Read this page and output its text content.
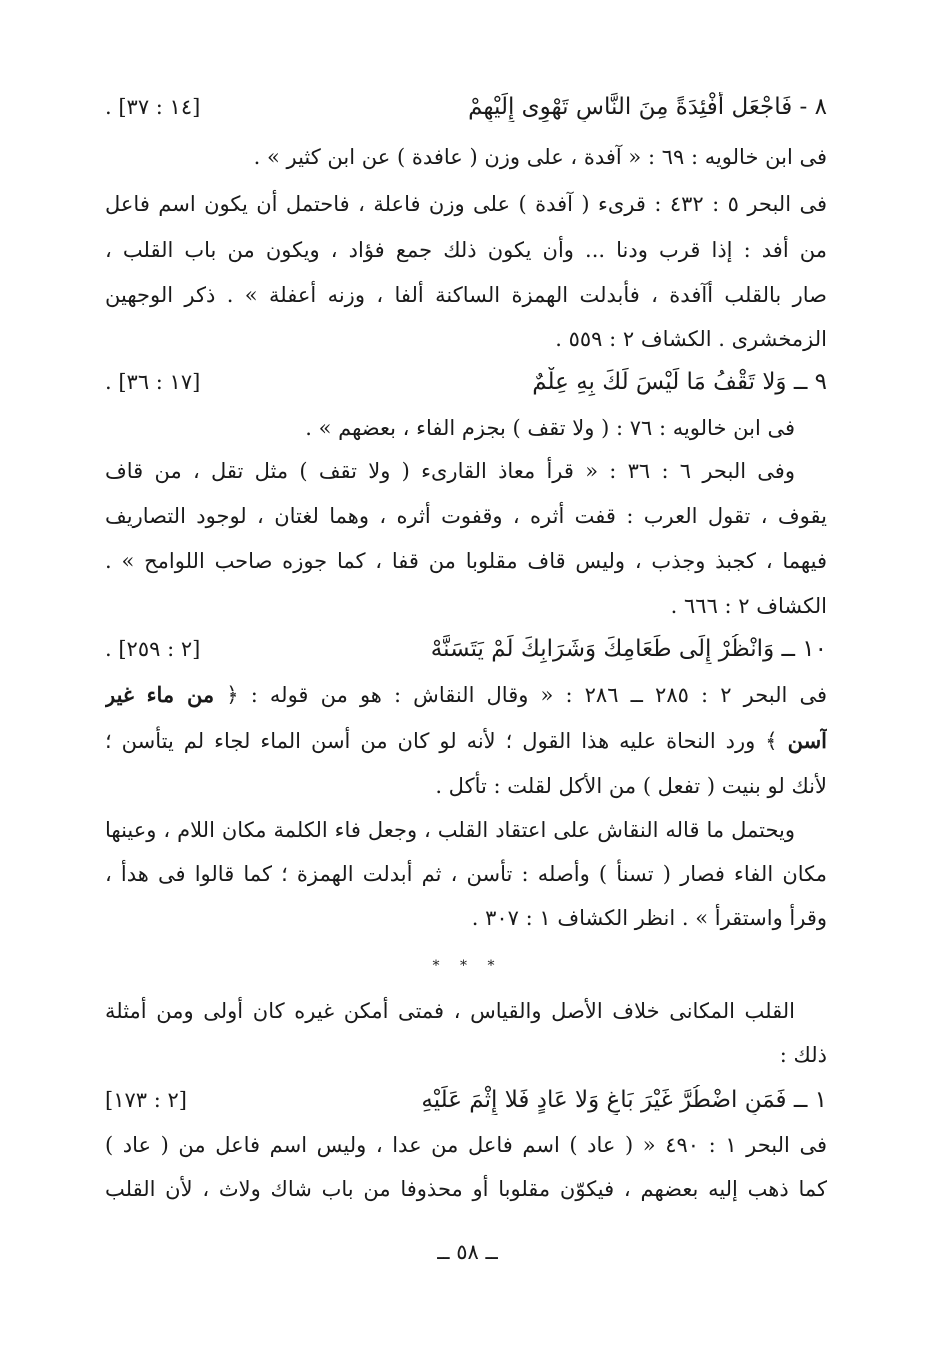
٨ - فَاجْعَل أَفْئِدَةً مِنَ النَّاسِ تَهْوِى إِلَيْهِمْ
[١٤ : ٣٧] .
فى ابن خالويه : ٦٩ : « آفدة ، على وزن ( عافدة ) عن ابن كثير » .
فى البحر ٥ : ٤٣٢ : قرىء ( آفدة ) على وزن فاعلة ، فاحتمل أن يكون اسم فاعل
من أفد : إذا قرب ودنا ... وأن يكون ذلك جمع فؤاد ، ويكون من باب القلب ،
صار بالقلب أآفدة ، فأبدلت الهمزة الساكنة ألفا ، وزنه أعفلة » . ذكر الوجهين
الزمخشرى . الكشاف ٢ : ٥٥٩ .
٩ ــ وَلا تَقْفُ مَا لَيْسَ لَكَ بِهِ عِلْمٌ
[١٧ : ٣٦] .
فى ابن خالويه : ٧٦ : ( ولا تقف ) بجزم الفاء ، بعضهم » .
وفى البحر ٦ : ٣٦ : « قرأ معاذ القارىء ( ولا تقف ) مثل تقل ، من قاف
يقوف ، تقول العرب : قفت أثره ، وقفوت أثره ، وهما لغتان ، لوجود التصاريف
فيهما ، كجبذ وجذب ، وليس قاف مقلوبا من قفا ، كما جوزه صاحب اللوامح » .
الكشاف ٢ : ٦٦٦ .
١٠ ــ وَانْظُرْ إِلَى طَعَامِكَ وَشَرَابِكَ لَمْ يَتَسَنَّهْ
[٢ : ٢٥٩] .
فى البحر ٢ : ٢٨٥ ــ ٢٨٦ : « وقال النقاش : هو من قوله : ﴿ من ماء غير
آسن ﴾ ورد النحاة عليه هذا القول ؛ لأنه لو كان من أسن الماء لجاء لم يتأسن ؛
لأنك لو بنيت ( تفعل ) من الأكل لقلت : تأكل .
ويحتمل ما قاله النقاش على اعتقاد القلب ، وجعل فاء الكلمة مكان اللام ، وعينها
مكان الفاء فصار ( تسنأ ) وأصله : تأسن ، ثم أبدلت الهمزة ؛ كما قالوا فى هدأ ،
وقرأ واستقرأ » . انظر الكشاف ١ : ٣٠٧ .
* * *
القلب المكانى خلاف الأصل والقياس ، فمتى أمكن غيره كان أولى ومن أمثلة
ذلك :
١ ــ فَمَنِ اضْطُرَّ غَيْرَ بَاغٍ وَلا عَادٍ فَلا إِثْمَ عَلَيْهِ
[٢ : ١٧٣]
فى البحر ١ : ٤٩٠ « ( عاد ) اسم فاعل من عدا ، وليس اسم فاعل من ( عاد )
كما ذهب إليه بعضهم ، فيكوّن مقلوبا أو محذوفا من باب شاك ولاث ، لأن القلب
ــ ٥٨ ــ
